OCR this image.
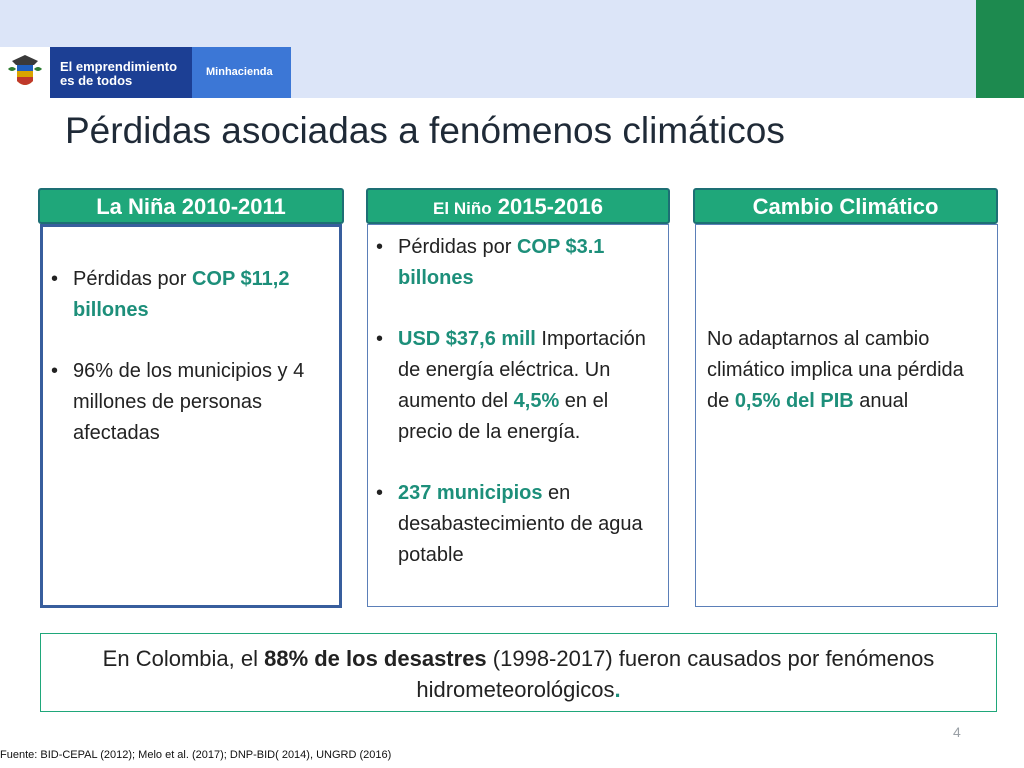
El emprendimiento
es de todos
Minhacienda
Pérdidas asociadas a fenómenos climáticos
La Niña 2010-2011	El Niño 2015-2016	Cambio Climático
• Pérdidas por COP $11,2 billones
• 96% de los municipios y 4 millones de personas afectadas
• Pérdidas por COP $3.1 billones
• USD $37,6 mill Importación de energía eléctrica. Un aumento del 4,5% en el precio de la energía.
• 237 municipios en desabastecimiento de agua potable
No adaptarnos al cambio climático implica una pérdida de 0,5% del PIB anual
En Colombia, el 88% de los desastres (1998-2017) fueron causados por fenómenos hidrometeorológicos.
4
Fuente: BID-CEPAL (2012); Melo et al. (2017); DNP-BID( 2014), UNGRD (2016)
